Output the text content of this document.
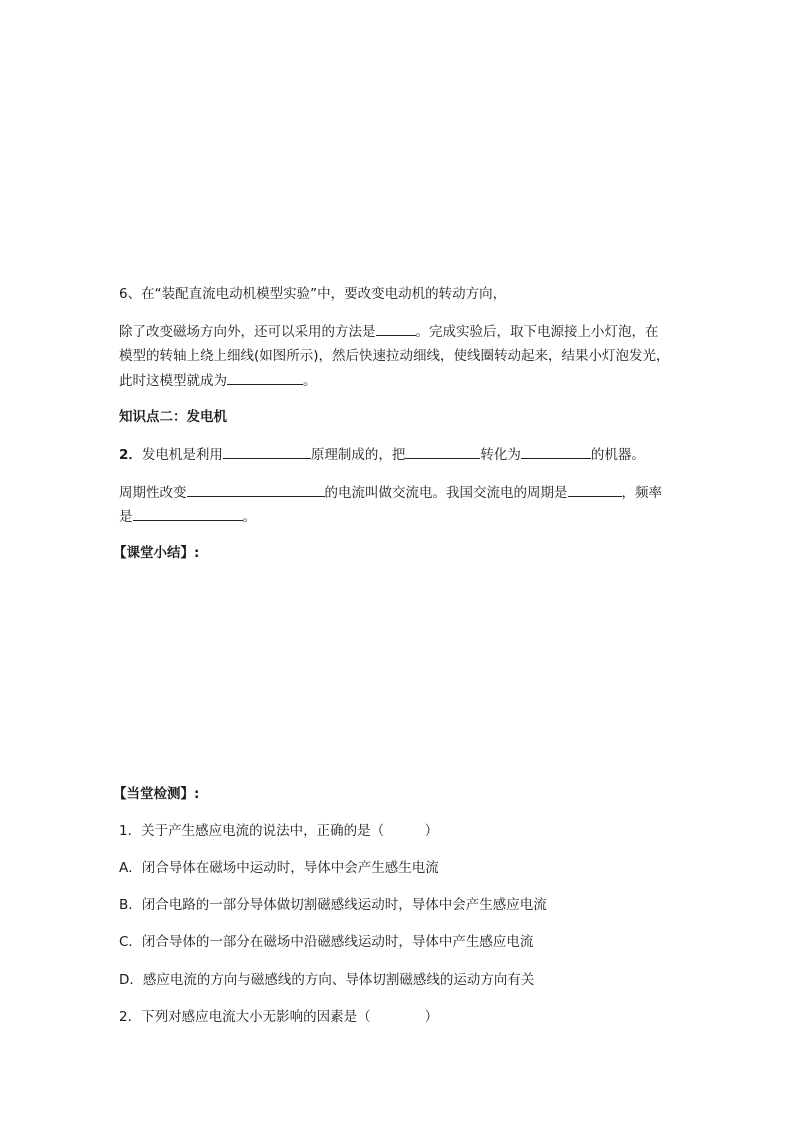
6、在“装配直流电动机模型实验”中，要改变电动机的转动方向，
除了改变磁场方向外，还可以采用的方法是	。完成实验后，取下电源接上小灯泡，在
模型的转轴上绕上细线(如图所示)，然后快速拉动细线，使线圈转动起来，结果小灯泡发光，
此时这模型就成为	。
知识点二：发电机
2．发电机是利用	原理制成的，把	转化为	的机器。
周期性改变	的电流叫做交流电。我国交流电的周期是	，频率
是	。
【课堂小结】:
【当堂检测】:
1．关于产生感应电流的说法中，正确的是（　　　）
A．闭合导体在磁场中运动时，导体中会产生感生电流
B．闭合电路的一部分导体做切割磁感线运动时，导体中会产生感应电流
C．闭合导体的一部分在磁场中沿磁感线运动时，导体中产生感应电流
D．感应电流的方向与磁感线的方向、导体切割磁感线的运动方向有关
2．下列对感应电流大小无影响的因素是（　　　　）
